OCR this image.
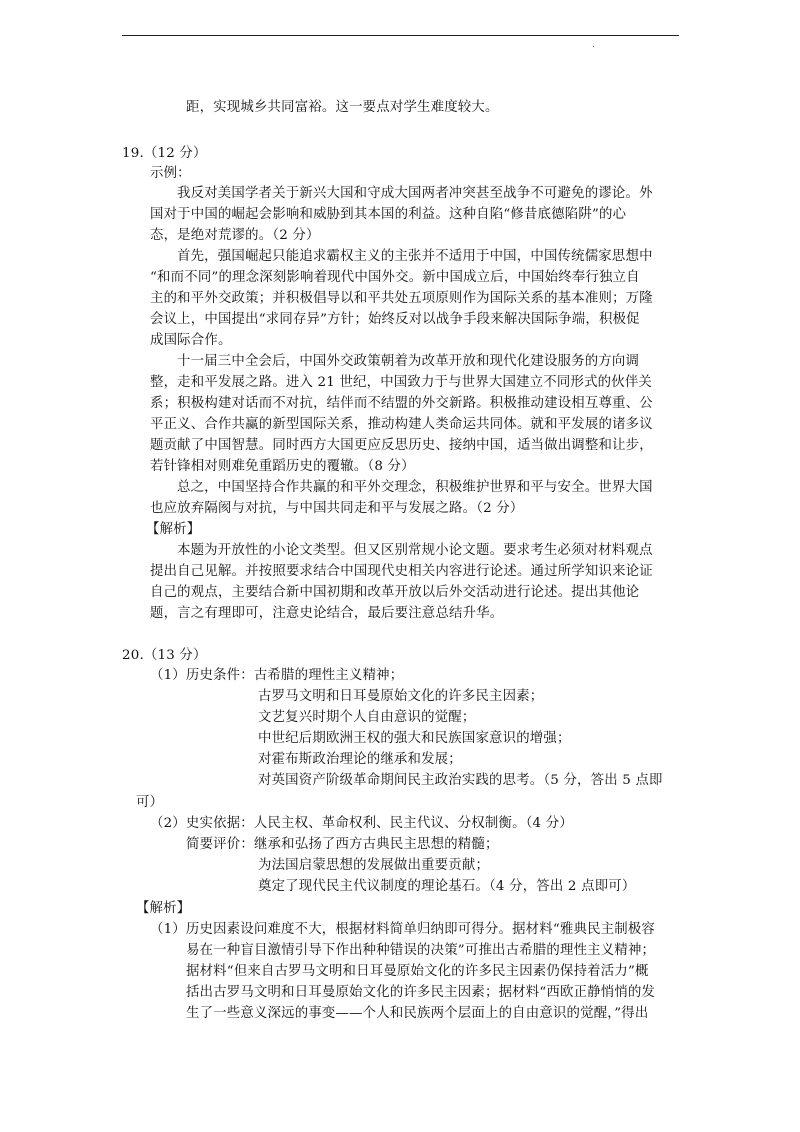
.
距，实现城乡共同富裕。这一要点对学生难度较大。
19.（12 分）
示例：
我反对美国学者关于新兴大国和守成大国两者冲突甚至战争不可避免的谬论。外
国对于中国的崛起会影响和威胁到其本国的利益。这种自陷“修昔底德陷阱”的心
态，是绝对荒谬的。（2 分）
首先，强国崛起只能追求霸权主义的主张并不适用于中国，中国传统儒家思想中
“和而不同”的理念深刻影响着现代中国外交。新中国成立后，中国始终奉行独立自
主的和平外交政策；并积极倡导以和平共处五项原则作为国际关系的基本准则；万隆
会议上，中国提出“求同存异”方针；始终反对以战争手段来解决国际争端，积极促
成国际合作。
十一届三中全会后，中国外交政策朝着为改革开放和现代化建设服务的方向调
整，走和平发展之路。进入 21 世纪，中国致力于与世界大国建立不同形式的伙伴关
系；积极构建对话而不对抗，结伴而不结盟的外交新路。积极推动建设相互尊重、公
平正义、合作共赢的新型国际关系，推动构建人类命运共同体。就和平发展的诸多议
题贡献了中国智慧。同时西方大国更应反思历史、接纳中国，适当做出调整和让步，
若针锋相对则难免重蹈历史的覆辙。（8 分）
总之，中国坚持合作共赢的和平外交理念，积极维护世界和平与安全。世界大国
也应放弃隔阂与对抗，与中国共同走和平与发展之路。（2 分）
【解析】
本题为开放性的小论文类型。但又区别常规小论文题。要求考生必须对材料观点
提出自己见解。并按照要求结合中国现代史相关内容进行论述。通过所学知识来论证
自己的观点，主要结合新中国初期和改革开放以后外交活动进行论述。提出其他论
题，言之有理即可，注意史论结合，最后要注意总结升华。
20.（13 分）
（1）历史条件：古希腊的理性主义精神；
古罗马文明和日耳曼原始文化的许多民主因素；
文艺复兴时期个人自由意识的觉醒；
中世纪后期欧洲王权的强大和民族国家意识的增强；
对霍布斯政治理论的继承和发展；
对英国资产阶级革命期间民主政治实践的思考。（5 分，答出 5 点即
可）
（2）史实依据：人民主权、革命权利、民主代议、分权制衡。（4 分）
简要评价：继承和弘扬了西方古典民主思想的精髓；
为法国启蒙思想的发展做出重要贡献；
奠定了现代民主代议制度的理论基石。（4 分，答出 2 点即可）
【解析】
（1）历史因素设问难度不大，根据材料简单归纳即可得分。据材料“雅典民主制极容
易在一种盲目激情引导下作出种种错误的决策”可推出古希腊的理性主义精神；
据材料“但来自古罗马文明和日耳曼原始文化的许多民主因素仍保持着活力”概
括出古罗马文明和日耳曼原始文化的许多民主因素；据材料“西欧正静悄悄的发
生了一些意义深远的事变——个人和民族两个层面上的自由意识的觉醒，”得出
